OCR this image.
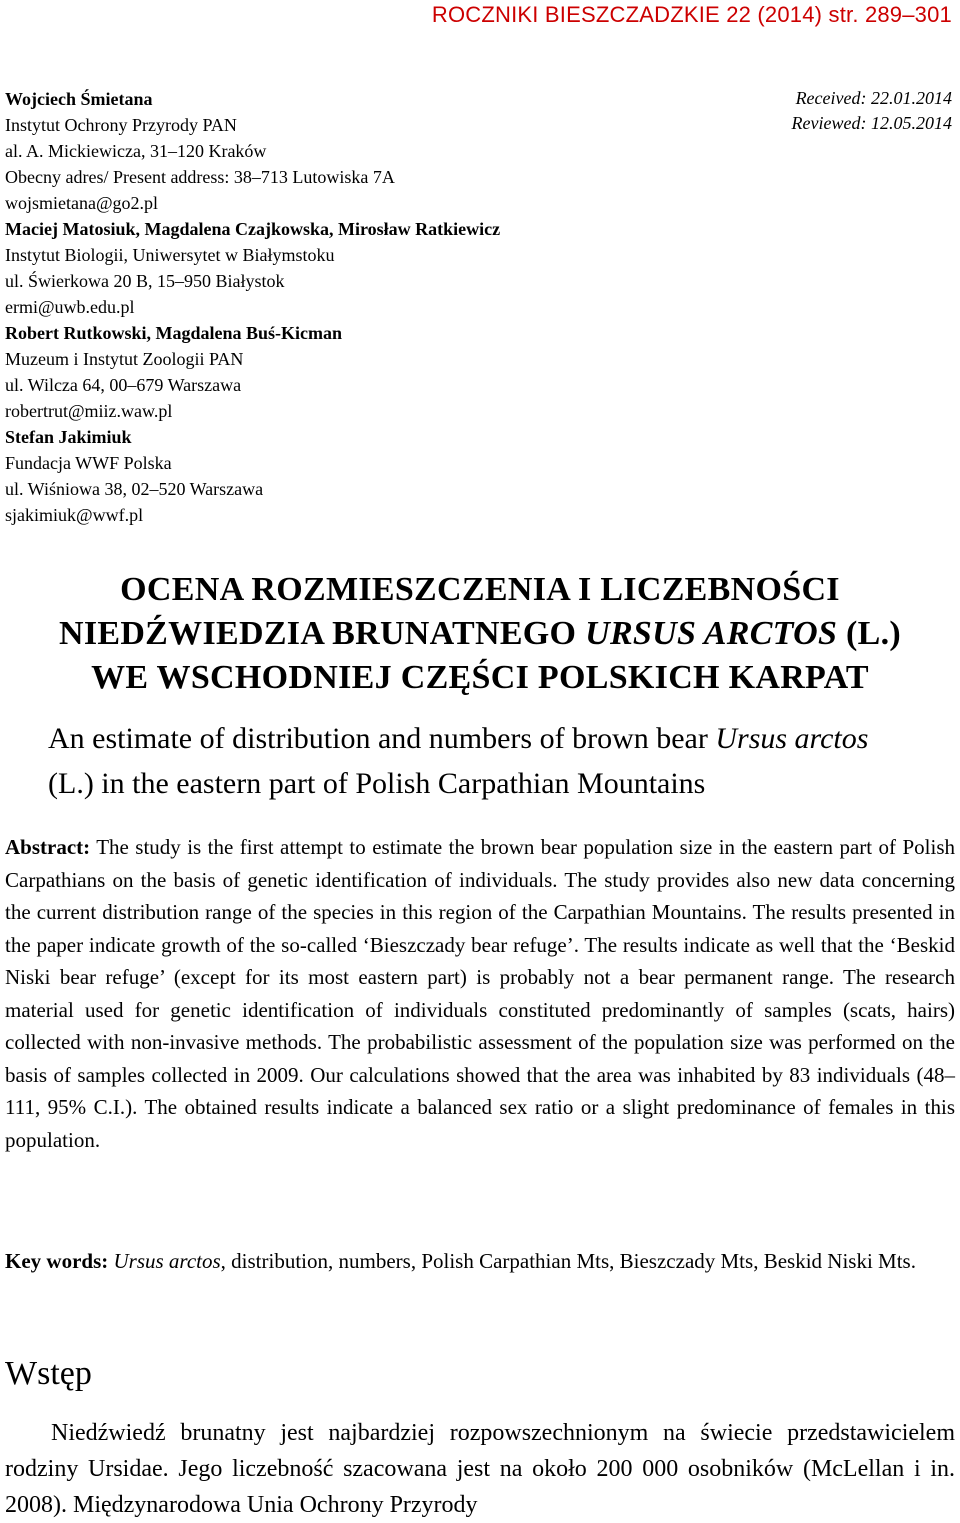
ROCZNIKI BIESZCZADZKIE 22 (2014) str. 289–301
Received: 22.01.2014
Reviewed: 12.05.2014
Wojciech Śmietana
Instytut Ochrony Przyrody PAN
al. A. Mickiewicza, 31–120 Kraków
Obecny adres/ Present address: 38–713 Lutowiska 7A
wojsmietana@go2.pl
Maciej Matosiuk, Magdalena Czajkowska, Mirosław Ratkiewicz
Instytut Biologii, Uniwersytet w Białymstoku
ul. Świerkowa 20 B, 15–950 Białystok
ermi@uwb.edu.pl
Robert Rutkowski, Magdalena Buś-Kicman
Muzeum i Instytut Zoologii PAN
ul. Wilcza 64, 00–679 Warszawa
robertrut@miiz.waw.pl
Stefan Jakimiuk
Fundacja WWF Polska
ul. Wiśniowa 38, 02–520 Warszawa
sjakimiuk@wwf.pl
OCENA ROZMIESZCZENIA I LICZEBNOŚCI
NIEDŹWIEDZIA BRUNATNEGO URSUS ARCTOS (L.)
WE WSCHODNIEJ CZĘŚCI POLSKICH KARPAT
An estimate of distribution and numbers of brown bear Ursus arctos (L.) in the eastern part of Polish Carpathian Mountains
Abstract: The study is the first attempt to estimate the brown bear population size in the eastern part of Polish Carpathians on the basis of genetic identification of individuals. The study provides also new data concerning the current distribution range of the species in this region of the Carpathian Mountains. The results presented in the paper indicate growth of the so-called ‘Bieszczady bear refuge’. The results indicate as well that the ‘Beskid Niski bear refuge’ (except for its most eastern part) is probably not a bear permanent range. The research material used for genetic identification of individuals constituted predominantly of samples (scats, hairs) collected with non-invasive methods. The probabilistic assessment of the population size was performed on the basis of samples collected in 2009. Our calculations showed that the area was inhabited by 83 individuals (48–111, 95% C.I.). The obtained results indicate a balanced sex ratio or a slight predominance of females in this population.
Key words: Ursus arctos, distribution, numbers, Polish Carpathian Mts, Bieszczady Mts, Beskid Niski Mts.
Wstęp
Niedźwiedź brunatny jest najbardziej rozpowszechnionym na świecie przedstawicielem rodziny Ursidae. Jego liczebność szacowana jest na około 200 000 osobników (McLellan i in. 2008). Międzynarodowa Unia Ochrony Przyrody
